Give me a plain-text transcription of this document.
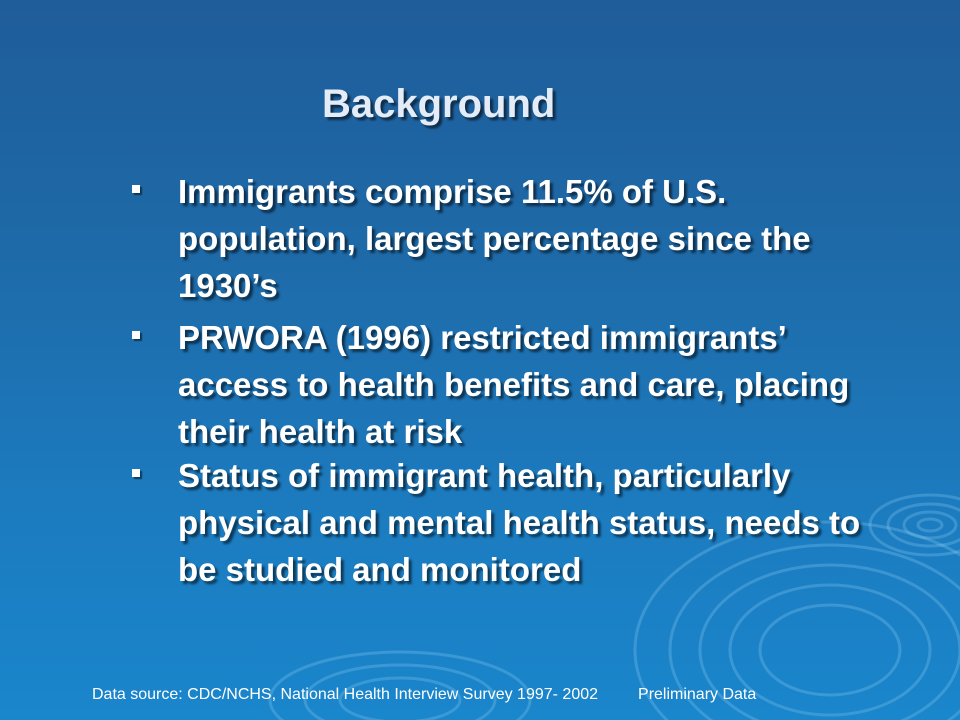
Background
Immigrants comprise 11.5% of U.S. population, largest percentage since the 1930’s
PRWORA (1996) restricted immigrants’ access to health benefits and care, placing their health at risk
Status of immigrant health, particularly physical and mental health status, needs to be studied and monitored
Data source: CDC/NCHS, National Health Interview Survey 1997- 2002	Preliminary Data
